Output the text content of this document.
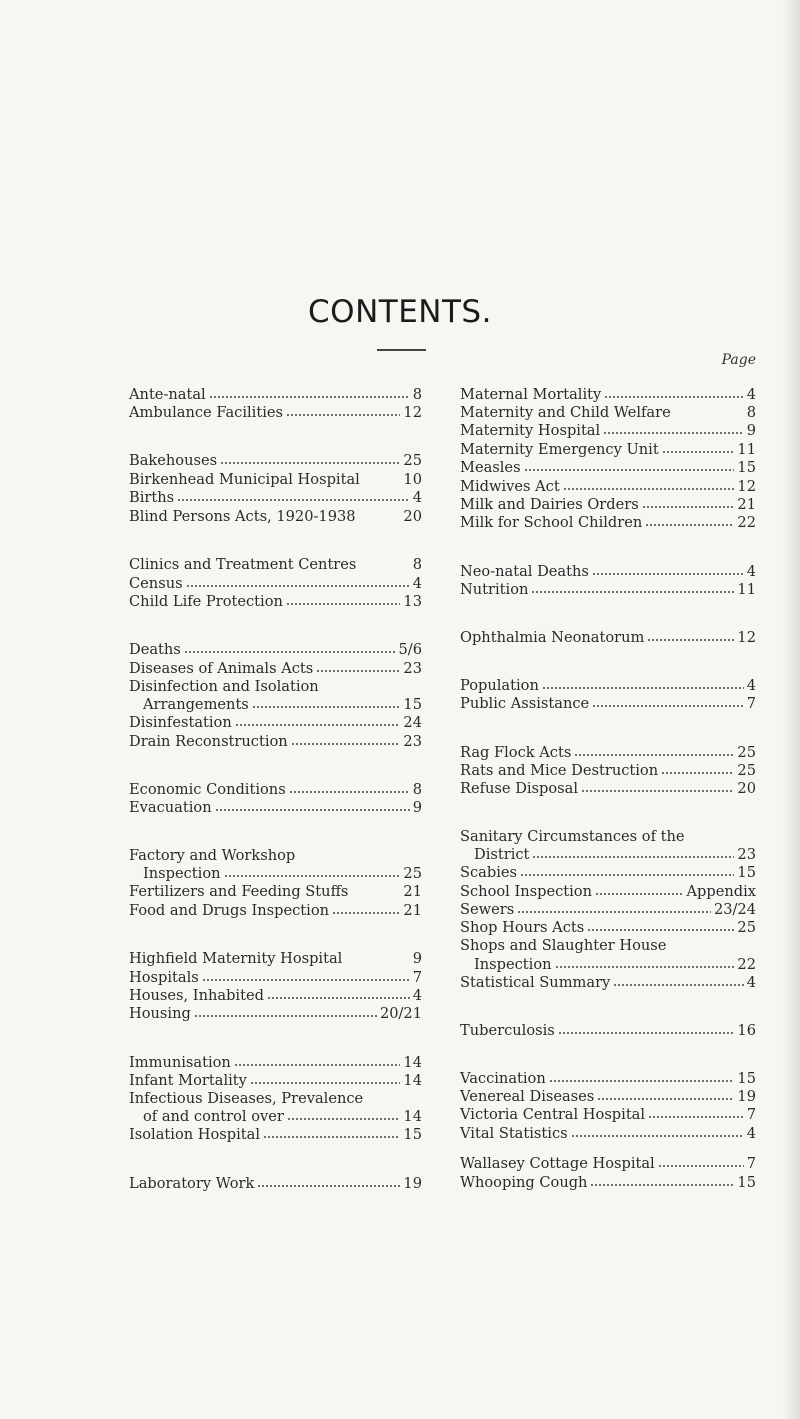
CONTENTS.
Ante-natal	8
Ambulance Facilities	12
Bakehouses	25
Birkenhead Municipal Hospital	10
Births	4
Blind Persons Acts, 1920-1938	20
Clinics and Treatment Centres	8
Census	4
Child Life Protection	13
Deaths	5/6
Diseases of Animals Acts	23
Disinfection and Isolation
Arrangements	15
Disinfestation	24
Drain Reconstruction	23
Economic Conditions	8
Evacuation	9
Factory and Workshop
Inspection	25
Fertilizers and Feeding Stuffs	21
Food and Drugs Inspection	21
Highfield Maternity Hospital	9
Hospitals	7
Houses, Inhabited	4
Housing	20/21
Immunisation	14
Infant Mortality	14
Infectious Diseases, Prevalence
of and control over	14
Isolation Hospital	15
Laboratory Work	19
Page
Maternal Mortality	4
Maternity and Child Welfare	8
Maternity Hospital	9
Maternity Emergency Unit	11
Measles	15
Midwives Act	12
Milk and Dairies Orders	21
Milk for School Children	22
Neo-natal Deaths	4
Nutrition	11
Ophthalmia Neonatorum	12
Population	4
Public Assistance	7
Rag Flock Acts	25
Rats and Mice Destruction	25
Refuse Disposal	20
Sanitary Circumstances of the
District	23
Scabies	15
School Inspection	Appendix
Sewers	23/24
Shop Hours Acts	25
Shops and Slaughter House
Inspection	22
Statistical Summary	4
Tuberculosis	16
Vaccination	15
Venereal Diseases	19
Victoria Central Hospital	7
Vital Statistics	4
Wallasey Cottage Hospital	7
Whooping Cough	15
